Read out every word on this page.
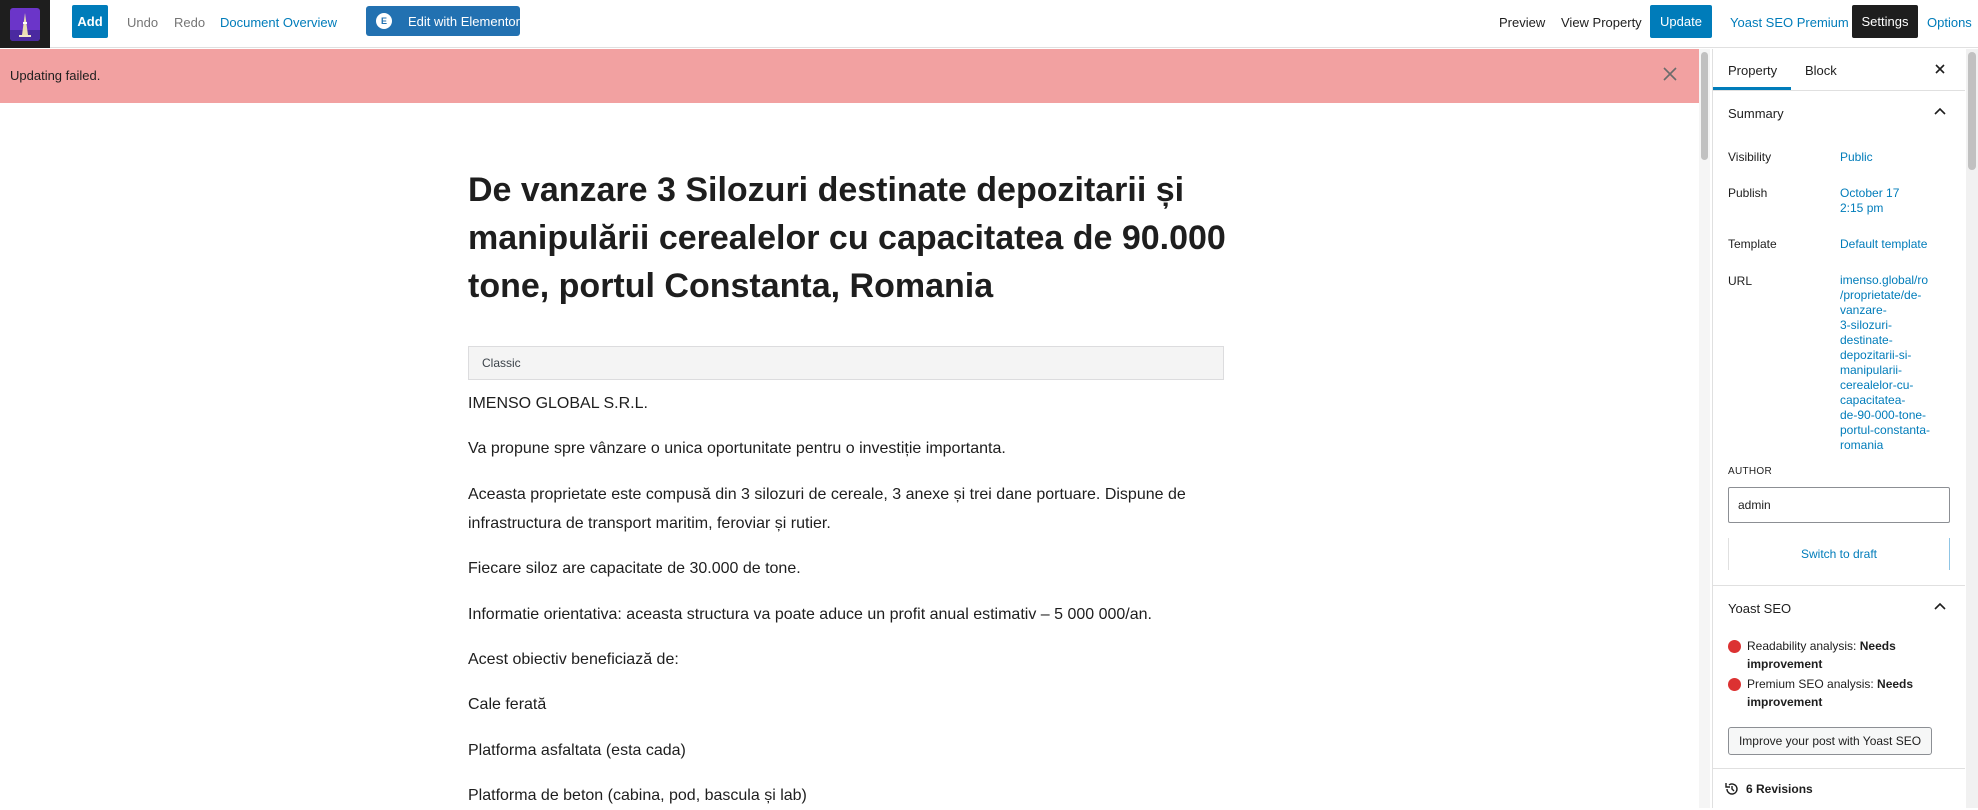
Add	Undo Redo Document Overview	E	Edit with Elementor	Preview View Property	Update	Yoast SEO Premium Settings	Options
Updating failed.
De vanzare 3 Silozuri destinate depozitarii și manipulării cerealelor cu capacitatea de 90.000 tone, portul Constanta, Romania
Classic

IMENSO GLOBAL S.R.L.

Va propune spre vânzare o unica oportunitate pentru o investiție importanta.

Aceasta proprietate este compusă din 3 silozuri de cereale, 3 anexe și trei dane portuare. Dispune de infrastructura de transport maritim, feroviar și rutier.

Fiecare siloz are capacitate de 30.000 de tone.

Informatie orientativa: aceasta structura va poate aduce un profit anual estimativ – 5 000 000/an.

Acest obiectiv beneficiază de:

Cale ferată

Platforma asfaltata (esta cada)

Platforma de beton (cabina, pod, bascula și lab)

Property Block
Summary
Visibility	Public
Publish	October 17
2:15 pm
Template	Default template
URL	imenso.global/ro
/proprietate/de-
vanzare-
3-silozuri-
destinate-
depozitarii-si-
manipularii-
cerealelor-cu-
capacitatea-
de-90-000-tone-
portul-constanta-
romania
AUTHOR
admin
Switch to draft
Yoast SEO
Readability analysis: Needs improvement
Premium SEO analysis: Needs improvement
Improve your post with Yoast SEO
6 Revisions
